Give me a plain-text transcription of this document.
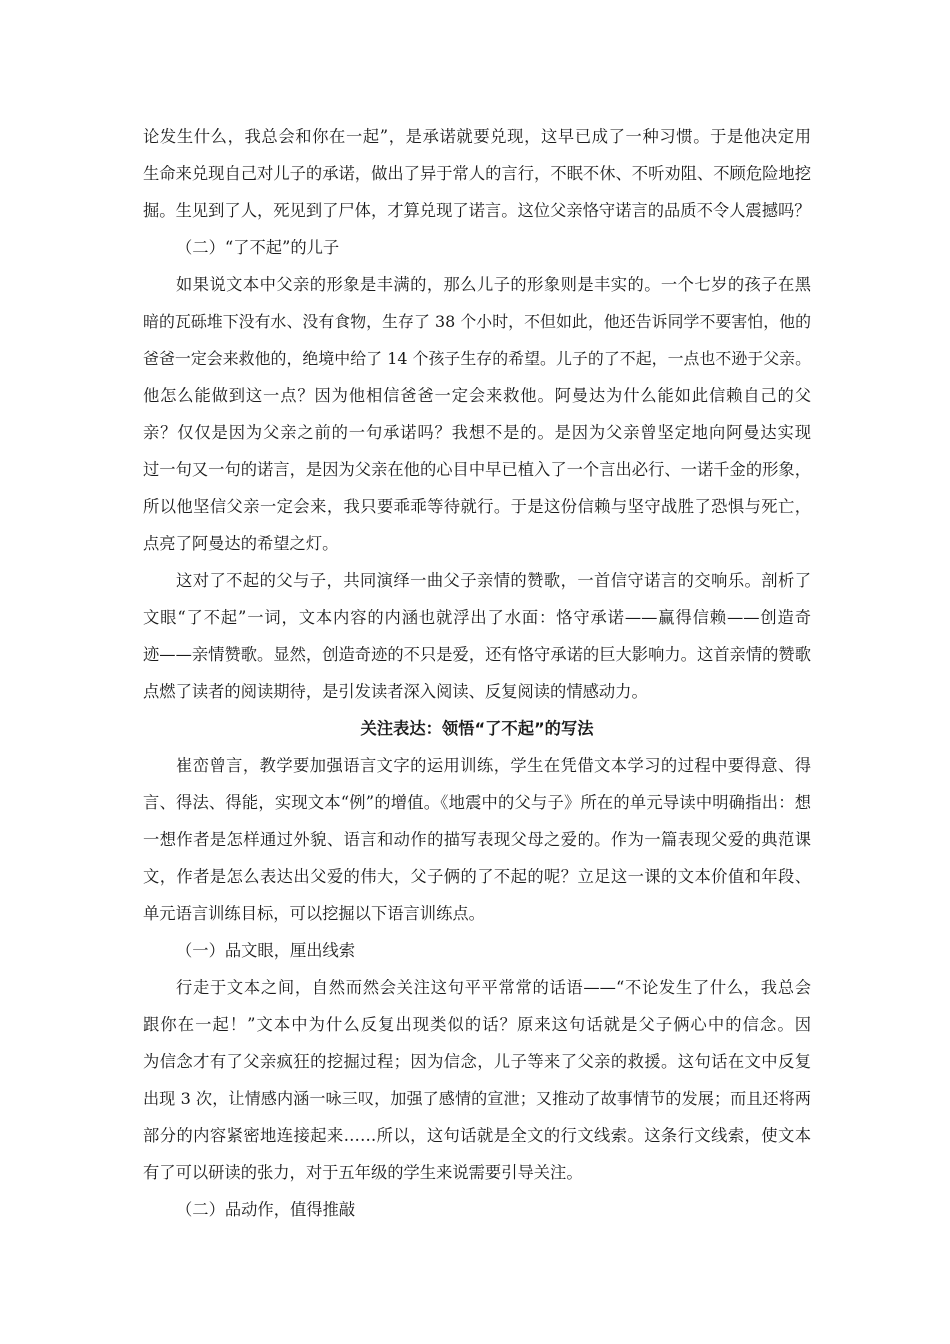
论发生什么，我总会和你在一起”，是承诺就要兑现，这早已成了一种习惯。于是他决定用
生命来兑现自己对儿子的承诺，做出了异于常人的言行，不眠不休、不听劝阻、不顾危险地挖
掘。生见到了人，死见到了尸体，才算兑现了诺言。这位父亲恪守诺言的品质不令人震撼吗？
（二）“了不起”的儿子
如果说文本中父亲的形象是丰满的，那么儿子的形象则是丰实的。一个七岁的孩子在黑
暗的瓦砾堆下没有水、没有食物，生存了 38 个小时，不但如此，他还告诉同学不要害怕，他的
爸爸一定会来救他的，绝境中给了 14 个孩子生存的希望。儿子的了不起，一点也不逊于父亲。
他怎么能做到这一点？因为他相信爸爸一定会来救他。阿曼达为什么能如此信赖自己的父
亲？仅仅是因为父亲之前的一句承诺吗？我想不是的。是因为父亲曾坚定地向阿曼达实现
过一句又一句的诺言，是因为父亲在他的心目中早已植入了一个言出必行、一诺千金的形象，
所以他坚信父亲一定会来，我只要乖乖等待就行。于是这份信赖与坚守战胜了恐惧与死亡，
点亮了阿曼达的希望之灯。
这对了不起的父与子，共同演绎一曲父子亲情的赞歌，一首信守诺言的交响乐。剖析了
文眼“了不起”一词，文本内容的内涵也就浮出了水面：恪守承诺——赢得信赖——创造奇
迹——亲情赞歌。显然，创造奇迹的不只是爱，还有恪守承诺的巨大影响力。这首亲情的赞歌
点燃了读者的阅读期待，是引发读者深入阅读、反复阅读的情感动力。
关注表达：领悟“了不起”的写法
崔峦曾言，教学要加强语言文字的运用训练，学生在凭借文本学习的过程中要得意、得
言、得法、得能，实现文本“例”的增值。《地震中的父与子》所在的单元导读中明确指出：想
一想作者是怎样通过外貌、语言和动作的描写表现父母之爱的。作为一篇表现父爱的典范课
文，作者是怎么表达出父爱的伟大，父子俩的了不起的呢？立足这一课的文本价值和年段、
单元语言训练目标，可以挖掘以下语言训练点。
（一）品文眼，厘出线索
行走于文本之间，自然而然会关注这句平平常常的话语——“不论发生了什么，我总会
跟你在一起！”文本中为什么反复出现类似的话？原来这句话就是父子俩心中的信念。因
为信念才有了父亲疯狂的挖掘过程；因为信念，儿子等来了父亲的救援。这句话在文中反复
出现 3 次，让情感内涵一咏三叹，加强了感情的宣泄；又推动了故事情节的发展；而且还将两
部分的内容紧密地连接起来……所以，这句话就是全文的行文线索。这条行文线索，使文本
有了可以研读的张力，对于五年级的学生来说需要引导关注。
（二）品动作，值得推敲
